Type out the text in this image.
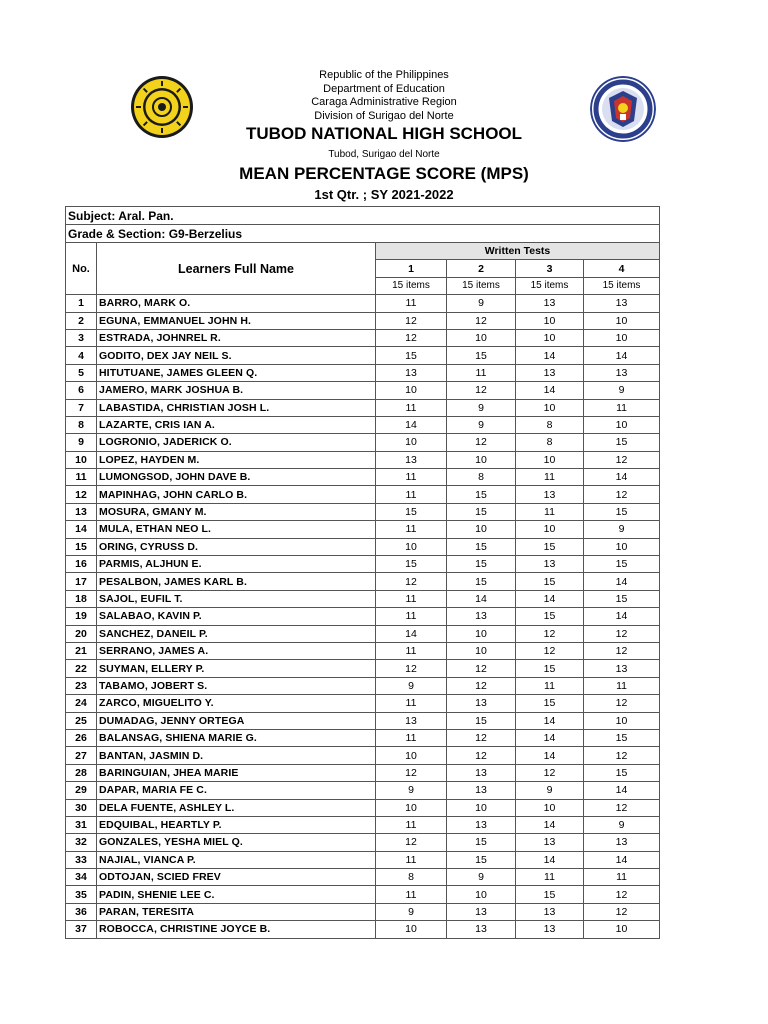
Republic of the Philippines
Department of Education
Caraga Administrative Region
Division of Surigao del Norte
TUBOD NATIONAL HIGH SCHOOL
Tubod, Surigao del Norte
MEAN PERCENTAGE SCORE (MPS)
1st Qtr. ; SY 2021-2022
Subject: Aral. Pan.					
Grade & Section: G9-Berzelius					
No.	Learners Full Name	Written Tests			
		1	2	3	4
		15 items	15 items	15 items	15 items
1	BARRO, MARK O.	11	9	13	13
2	EGUNA, EMMANUEL JOHN H.	12	12	10	10
3	ESTRADA, JOHNREL R.	12	10	10	10
4	GODITO, DEX JAY NEIL S.	15	15	14	14
5	HITUTUANE, JAMES GLEEN Q.	13	11	13	13
6	JAMERO, MARK JOSHUA B.	10	12	14	9
7	LABASTIDA, CHRISTIAN JOSH L.	11	9	10	11
8	LAZARTE, CRIS IAN A.	14	9	8	10
9	LOGRONIO, JADERICK O.	10	12	8	15
10	LOPEZ, HAYDEN M.	13	10	10	12
11	LUMONGSOD, JOHN DAVE B.	11	8	11	14
12	MAPINHAG, JOHN CARLO B.	11	15	13	12
13	MOSURA, GMANY M.	15	15	11	15
14	MULA, ETHAN NEO L.	11	10	10	9
15	ORING, CYRUSS D.	10	15	15	10
16	PARMIS, ALJHUN E.	15	15	13	15
17	PESALBON, JAMES KARL B.	12	15	15	14
18	SAJOL, EUFIL T.	11	14	14	15
19	SALABAO, KAVIN P.	11	13	15	14
20	SANCHEZ, DANEIL P.	14	10	12	12
21	SERRANO, JAMES A.	11	10	12	12
22	SUYMAN, ELLERY P.	12	12	15	13
23	TABAMO, JOBERT S.	9	12	11	11
24	ZARCO, MIGUELITO Y.	11	13	15	12
25	DUMADAG, JENNY ORTEGA	13	15	14	10
26	BALANSAG, SHIENA MARIE G.	11	12	14	15
27	BANTAN, JASMIN D.	10	12	14	12
28	BARINGUIAN, JHEA MARIE	12	13	12	15
29	DAPAR, MARIA FE C.	9	13	9	14
30	DELA FUENTE, ASHLEY L.	10	10	10	12
31	EDQUIBAL, HEARTLY P.	11	13	14	9
32	GONZALES, YESHA MIEL Q.	12	15	13	13
33	NAJIAL, VIANCA P.	11	15	14	14
34	ODTOJAN, SCIED FREV	8	9	11	11
35	PADIN, SHENIE LEE C.	11	10	15	12
36	PARAN, TERESITA	9	13	13	12
37	ROBOCCA, CHRISTINE JOYCE B.	10	13	13	10
